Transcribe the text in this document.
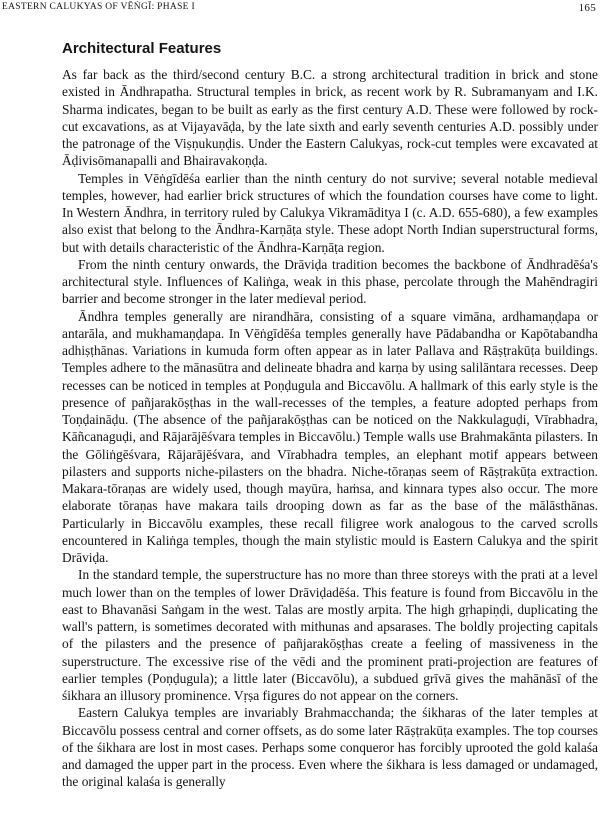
EASTERN CALUKYAS OF VĒṄGĪ: PHASE I	165
Architectural Features

As far back as the third/second century B.C. a strong architectural tradition in brick and stone existed in Āndhrapatha. Structural temples in brick, as recent work by R. Subramanyam and I.K. Sharma indicates, began to be built as early as the first century A.D. These were followed by rock-cut excavations, as at Vijayavāḍa, by the late sixth and early seventh centuries A.D. possibly under the patronage of the Viṣṇukuṇḍis. Under the Eastern Calukyas, rock-cut temples were excavated at Āḍivisōmanapalli and Bhairavakoṇḍa.

Temples in Vēṅgīdēśa earlier than the ninth century do not survive; several notable medieval temples, however, had earlier brick structures of which the foundation courses have come to light. In Western Āndhra, in territory ruled by Calukya Vikramāditya I (c. A.D. 655-680), a few examples also exist that belong to the Āndhra-Karṇāṭa style. These adopt North Indian superstructural forms, but with details characteristic of the Āndhra-Karṇāṭa region.

From the ninth century onwards, the Drāviḍa tradition becomes the backbone of Āndhradēśa's architectural style. Influences of Kaliṅga, weak in this phase, percolate through the Mahēndragiri barrier and become stronger in the later medieval period.

Āndhra temples generally are nirandhāra, consisting of a square vimāna, ardhamaṇḍapa or antarāla, and mukhamaṇḍapa. In Vēṅgīdēśa temples generally have Pādabandha or Kapōtabandha adhiṣṭhānas. Variations in kumuda form often appear as in later Pallava and Rāṣṭrakūṭa buildings. Temples adhere to the mānasūtra and delineate bhadra and karṇa by using salilāntara recesses. Deep recesses can be noticed in temples at Poṇḍugula and Biccavōlu. A hallmark of this early style is the presence of pañjarakōṣṭhas in the wall-recesses of the temples, a feature adopted perhaps from Toṇḍaināḍu. (The absence of the pañjarakōṣṭhas can be noticed on the Nakkulaguḍi, Vīrabhadra, Kāñcanaguḍi, and Rājarājēśvara temples in Biccavōlu.) Temple walls use Brahmakānta pilasters. In the Gōliṅgēśvara, Rājarājēśvara, and Vīrabhadra temples, an elephant motif appears between pilasters and supports niche-pilasters on the bhadra. Niche-tōraṇas seem of Rāṣṭrakūṭa extraction. Makara-tōraṇas are widely used, though mayūra, haṁsa, and kinnara types also occur. The more elaborate tōraṇas have makara tails drooping down as far as the base of the mālāsthānas. Particularly in Biccavōlu examples, these recall filigree work analogous to the carved scrolls encountered in Kaliṅga temples, though the main stylistic mould is Eastern Calukya and the spirit Drāviḍa.

In the standard temple, the superstructure has no more than three storeys with the prati at a level much lower than on the temples of lower Drāviḍadēśa. This feature is found from Biccavōlu in the east to Bhavanāsi Saṅgam in the west. Talas are mostly arpita. The high gṛhapiṇḍi, duplicating the wall's pattern, is sometimes decorated with mithunas and apsarases. The boldly projecting capitals of the pilasters and the presence of pañjarakōṣṭhas create a feeling of massiveness in the superstructure. The excessive rise of the vēdi and the prominent prati-projection are features of earlier temples (Poṇḍugula); a little later (Biccavōlu), a subdued grīvā gives the mahānāsī of the śikhara an illusory prominence. Vṛṣa figures do not appear on the corners.

Eastern Calukya temples are invariably Brahmacchanda; the śikharas of the later temples at Biccavōlu possess central and corner offsets, as do some later Rāṣṭrakūṭa examples. The top courses of the śikhara are lost in most cases. Perhaps some conqueror has forcibly uprooted the gold kalaśa and damaged the upper part in the process. Even where the śikhara is less damaged or undamaged, the original kalaśa is generally
